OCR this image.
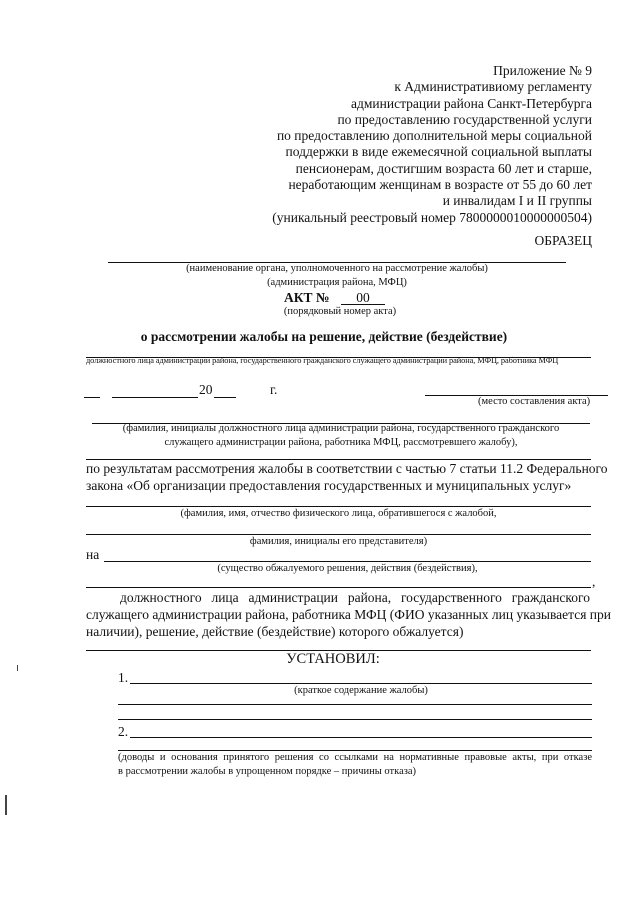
Приложение № 9
к Административиому регламенту
администрации района Санкт-Петербурга
по предоставлению государственной услуги
по предоставлению дополнительной меры социальной
поддержки в виде ежемесячной социальной выплаты
пенсионерам, достигшим возраста 60 лет и старше,
неработающим женщинам в возрасте от 55 до 60 лет
и инвалидам I и II группы
(уникальный реестровый номер 7800000010000000504)
ОБРАЗЕЦ
(наименование органа, уполномоченного на рассмотрение жалобы)
(администрация района, МФЦ)
АКТ №	00
(порядковый номер акта)
о рассмотрении жалобы на решение, действие (бездействие)
должностного лица администрации района, государственного гражданского служащего администрации района, МФЦ, работника МФЦ
20	г.
(место составления акта)
(фамилия, инициалы должностного лица администрации района, государственного гражданского
служащего администрации района, работника МФЦ, рассмотревшего жалобу),
по результатам рассмотрения жалобы в соответствии с частью 7 статьи 11.2 Федерального
закона «Об организации предоставления государственных и муниципальных услуг»
(фамилия, имя, отчество физического лица, обратившегося с жалобой,
фамилия, инициалы его представителя)
на
(существо обжалуемого решения, действия (бездействия),
,
должностного лица администрации района, государственного гражданского
служащего администрации района, работника МФЦ (ФИО указанных лиц указывается при
наличии), решение, действие (бездействие) которого обжалуется)
УСТАНОВИЛ:
1.
(краткое содержание жалобы)
2.
(доводы и основания принятого решения со ссылками на нормативные правовые акты, при отказе
в рассмотрении жалобы в упрощенном порядке – причины отказа)
